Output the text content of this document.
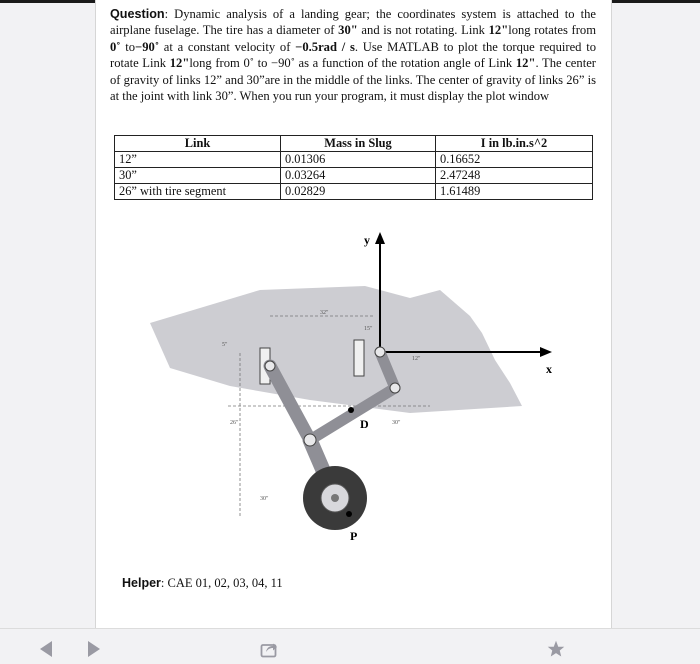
Question: Dynamic analysis of a landing gear; the coordinates system is attached to the airplane fuselage. The tire has a diameter of 30" and is not rotating. Link 12"long rotates from 0˚ to−90˚ at a constant velocity of −0.5rad / s. Use MATLAB to plot the torque required to rotate Link 12"long from 0˚ to −90˚ as a function of the rotation angle of Link 12". The center of gravity of links 12” and 30”are in the middle of the links. The center of gravity of links 26” is at the joint with link 30”. When you run your program, it must display the plot window
Link	Mass in Slug	I in lb.in.s^2
12”	0.01306	0.16652
30”	0.03264	2.47248
26” with tire segment	0.02829	1.61489
y
x
32"
5"
15"
12"
26"	30"
30"
D
P
Helper: CAE 01, 02, 03, 04, 11
